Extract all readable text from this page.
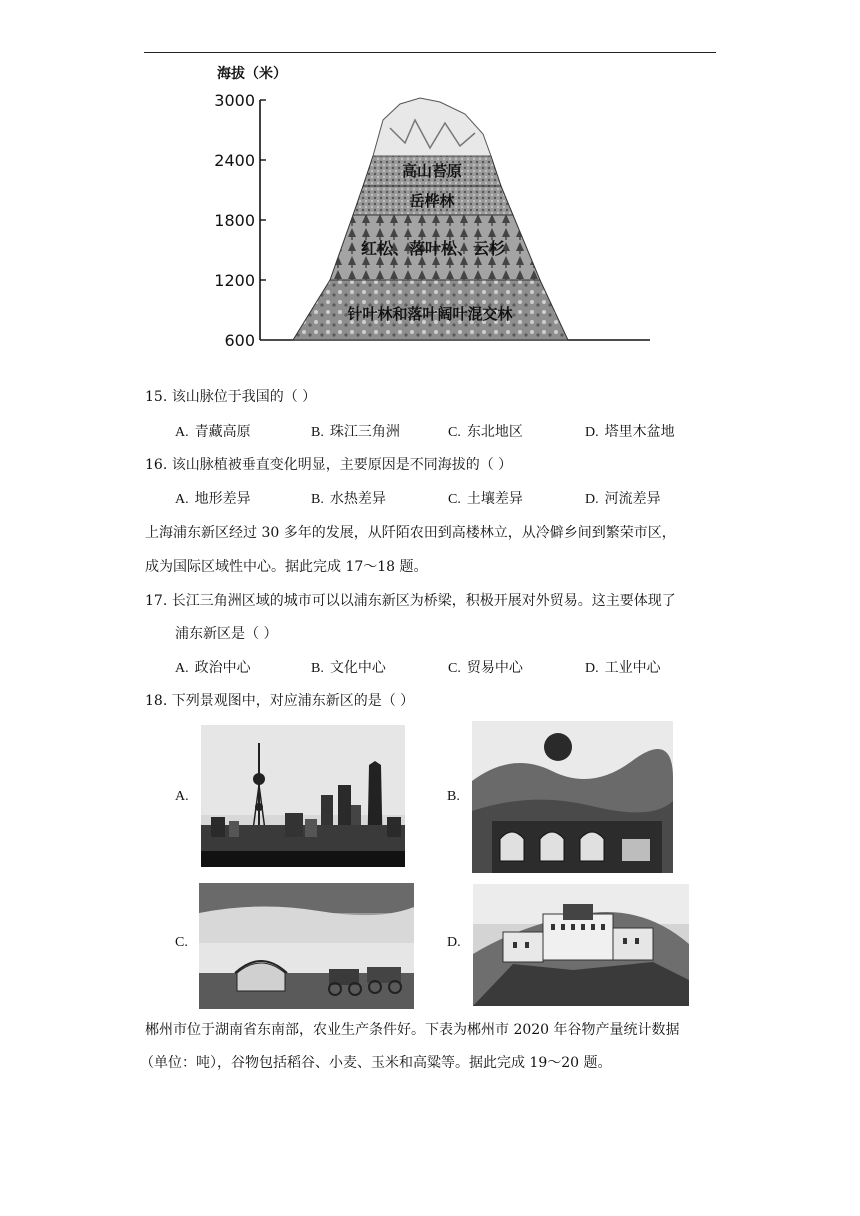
海拔（米）
3000
2400
1800
1200
600
高山苔原
岳桦林
红松、落叶松、云杉
针叶林和落叶阔叶混交林
15. 该山脉位于我国的（ ）
A. 青藏高原	B. 珠江三角洲	C. 东北地区	D. 塔里木盆地
16. 该山脉植被垂直变化明显，主要原因是不同海拔的（ ）
A. 地形差异	B. 水热差异	C. 土壤差异	D. 河流差异
上海浦东新区经过 30 多年的发展，从阡陌农田到高楼林立，从冷僻乡间到繁荣市区，
成为国际区域性中心。据此完成 17～18 题。
17. 长江三角洲区域的城市可以以浦东新区为桥梁，积极开展对外贸易。这主要体现了
浦东新区是（ ）
A. 政治中心	B. 文化中心	C. 贸易中心	D. 工业中心
18. 下列景观图中，对应浦东新区的是（ ）
A.	B.
C.	D.
郴州市位于湖南省东南部，农业生产条件好。下表为郴州市 2020 年谷物产量统计数据
（单位：吨），谷物包括稻谷、小麦、玉米和高粱等。据此完成 19～20 题。
